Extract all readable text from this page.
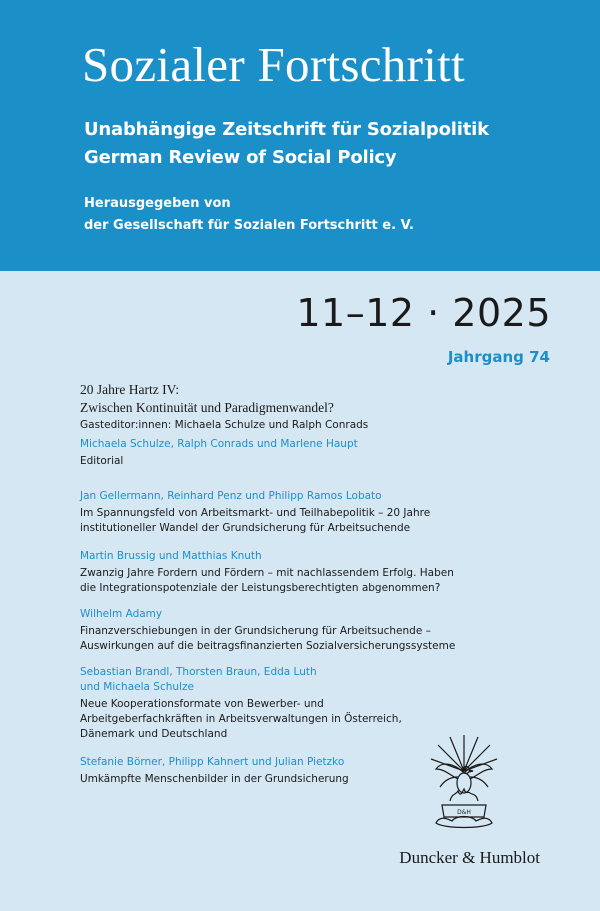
Sozialer Fortschritt
Unabhängige Zeitschrift für Sozialpolitik
German Review of Social Policy
Herausgegeben von
der Gesellschaft für Sozialen Fortschritt e. V.
11–12 · 2025
Jahrgang 74
20 Jahre Hartz IV:
Zwischen Kontinuität und Paradigmenwandel?
Gasteditor:innen: Michaela Schulze und Ralph Conrads
Michaela Schulze, Ralph Conrads und Marlene Haupt
Editorial
Jan Gellermann, Reinhard Penz und Philipp Ramos Lobato
Im Spannungsfeld von Arbeitsmarkt- und Teilhabepolitik – 20 Jahre
institutioneller Wandel der Grundsicherung für Arbeitsuchende
Martin Brussig und Matthias Knuth
Zwanzig Jahre Fordern und Fördern – mit nachlassendem Erfolg. Haben
die Integrationspotenziale der Leistungsberechtigten abgenommen?
Wilhelm Adamy
Finanzverschiebungen in der Grundsicherung für Arbeitsuchende –
Auswirkungen auf die beitragsfinanzierten Sozialversicherungssysteme
Sebastian Brandl, Thorsten Braun, Edda Luth
und Michaela Schulze
Neue Kooperationsformate von Bewerber- und
Arbeitgeberfachkräften in Arbeitsverwaltungen in Österreich,
Dänemark und Deutschland
Stefanie Börner, Philipp Kahnert und Julian Pietzko
Umkämpfte Menschenbilder in der Grundsicherung
D&H
Duncker & Humblot
